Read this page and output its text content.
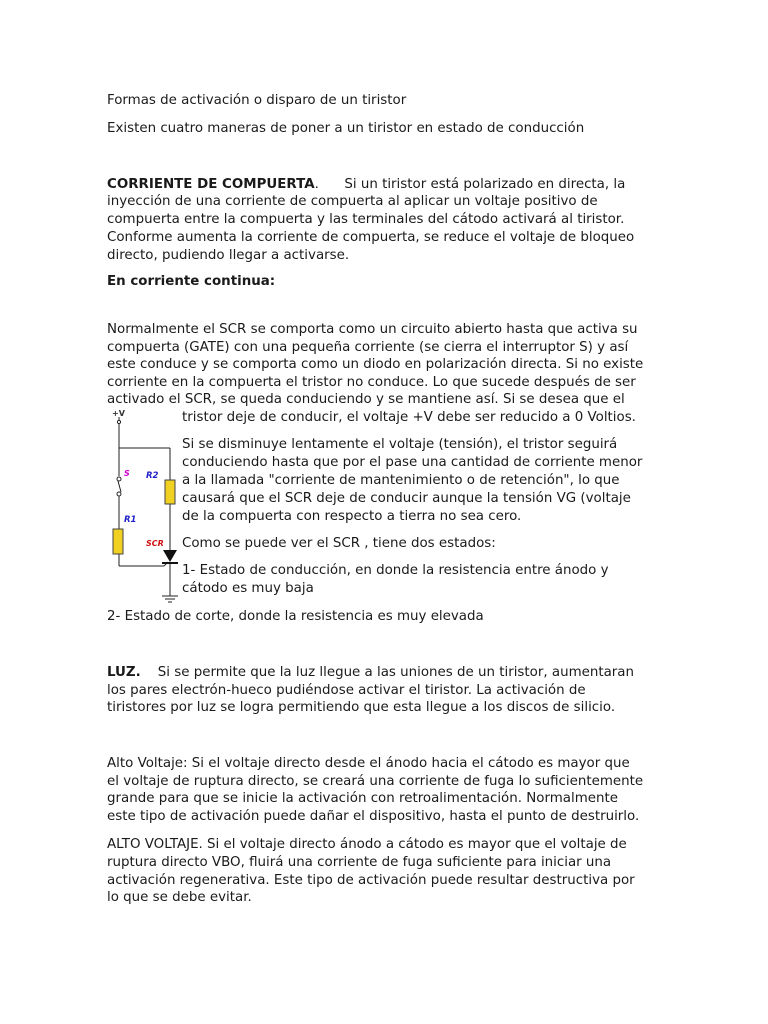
Formas de activación o disparo de un tiristor

Existen cuatro maneras de poner a un tiristor en estado de conducción

CORRIENTE DE COMPUERTA.      Si un tiristor está polarizado en directa, la

inyección de una corriente de compuerta al aplicar un voltaje positivo de

compuerta entre la compuerta y las terminales del cátodo activará al tiristor.

Conforme aumenta la corriente de compuerta, se reduce el voltaje de bloqueo

directo, pudiendo llegar a activarse.

En corriente continua:

Normalmente el SCR se comporta como un circuito abierto hasta que activa su

compuerta (GATE) con una pequeña corriente (se cierra el interruptor S) y así

este conduce y se comporta como un diodo en polarización directa. Si no existe

corriente en la compuerta el tristor no conduce. Lo que sucede después de ser

activado el SCR, se queda conduciendo y se mantiene así. Si se desea que el

tristor deje de conducir, el voltaje +V debe ser reducido a 0 Voltios.

Si se disminuye lentamente el voltaje (tensión), el tristor seguirá

conduciendo hasta que por el pase una cantidad de corriente menor

a la llamada "corriente de mantenimiento o de retención", lo que

causará que el SCR deje de conducir aunque la tensión VG (voltaje

de la compuerta con respecto a tierra no sea cero.

Como se puede ver el SCR , tiene dos estados:

1- Estado de conducción, en donde la resistencia entre ánodo y

cátodo es muy baja

2- Estado de corte, donde la resistencia es muy elevada

+V
S R2
R1
SCR

LUZ. Si se permite que la luz llegue a las uniones de un tiristor, aumentaran

los pares electrón-hueco pudiéndose activar el tiristor. La activación de

tiristores por luz se logra permitiendo que esta llegue a los discos de silicio.

Alto Voltaje: Si el voltaje directo desde el ánodo hacia el cátodo es mayor que

el voltaje de ruptura directo, se creará una corriente de fuga lo suficientemente

grande para que se inicie la activación con retroalimentación. Normalmente

este tipo de activación puede dañar el dispositivo, hasta el punto de destruirlo.

ALTO VOLTAJE. Si el voltaje directo ánodo a cátodo es mayor que el voltaje de

ruptura directo VBO, fluirá una corriente de fuga suficiente para iniciar una

activación regenerativa. Este tipo de activación puede resultar destructiva por

lo que se debe evitar.
